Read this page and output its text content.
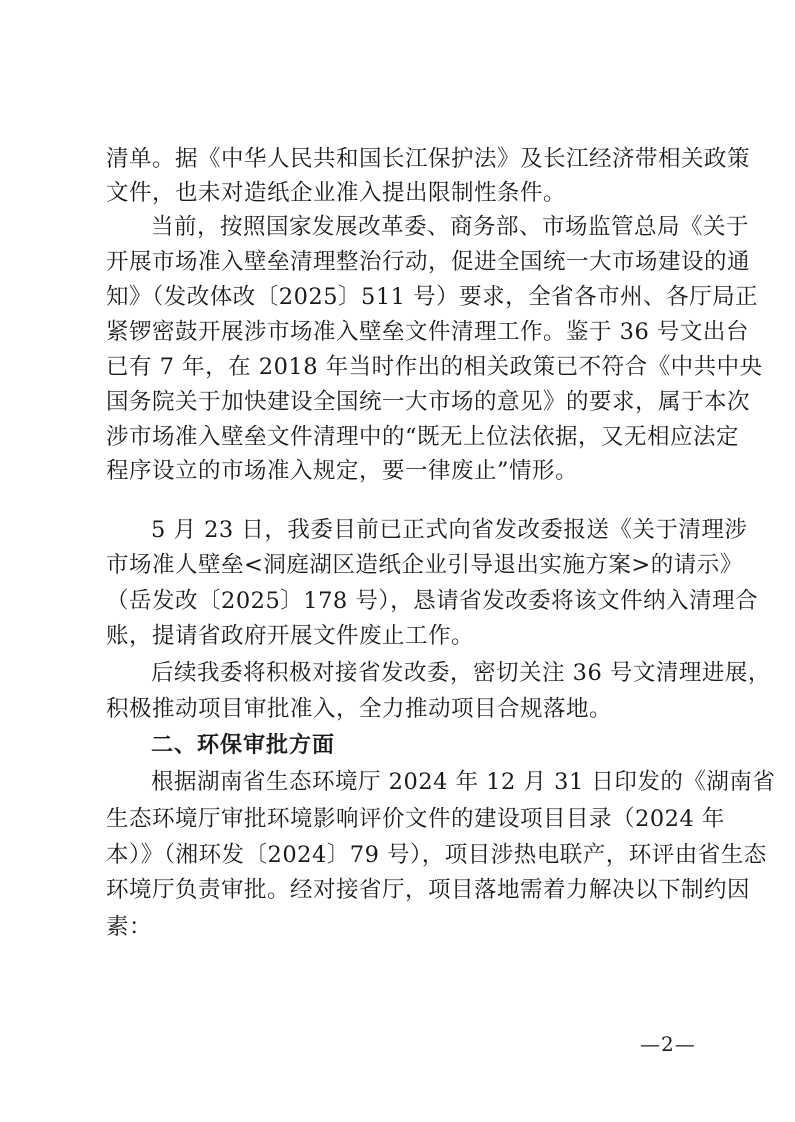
清单。据《中华人民共和国长江保护法》及长江经济带相关政策
文件，也未对造纸企业准入提出限制性条件。
当前，按照国家发展改革委、商务部、市场监管总局《关于
开展市场准入壁垒清理整治行动，促进全国统一大市场建设的通
知》（发改体改〔2025〕511 号）要求，全省各市州、各厅局正
紧锣密鼓开展涉市场准入壁垒文件清理工作。鉴于 36 号文出台
已有 7 年，在 2018 年当时作出的相关政策已不符合《中共中央
国务院关于加快建设全国统一大市场的意见》的要求，属于本次
涉市场准入壁垒文件清理中的“既无上位法依据，又无相应法定
程序设立的市场准入规定，要一律废止”情形。
5 月 23 日，我委目前已正式向省发改委报送《关于清理涉
市场准人壁垒<洞庭湖区造纸企业引导退出实施方案>的请示》
（岳发改〔2025〕178 号），恳请省发改委将该文件纳入清理合
账，提请省政府开展文件废止工作。
后续我委将积极对接省发改委，密切关注 36 号文清理进展，
积极推动项目审批准入，全力推动项目合规落地。
二、环保审批方面
根据湖南省生态环境厅 2024 年 12 月 31 日印发的《湖南省
生态环境厅审批环境影响评价文件的建设项目目录（2024 年
本）》（湘环发〔2024〕79 号），项目涉热电联产，环评由省生态
环境厅负责审批。经对接省厅，项目落地需着力解决以下制约因
素：
—2—
